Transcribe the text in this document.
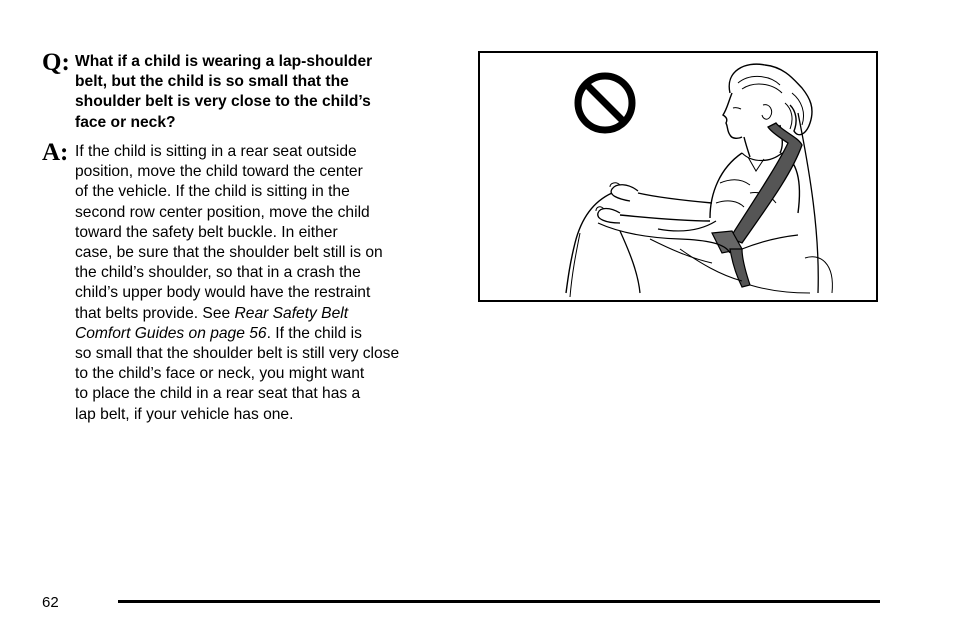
Q: What if a child is wearing a lap-shoulder
belt, but the child is so small that the
shoulder belt is very close to the child’s
face or neck?
A: If the child is sitting in a rear seat outside
position, move the child toward the center
of the vehicle. If the child is sitting in the
second row center position, move the child
toward the safety belt buckle. In either
case, be sure that the shoulder belt still is on
the child’s shoulder, so that in a crash the
child’s upper body would have the restraint
that belts provide. See Rear Safety Belt
Comfort Guides on page 56. If the child is
so small that the shoulder belt is still very close
to the child’s face or neck, you might want
to place the child in a rear seat that has a
lap belt, if your vehicle has one.
62
